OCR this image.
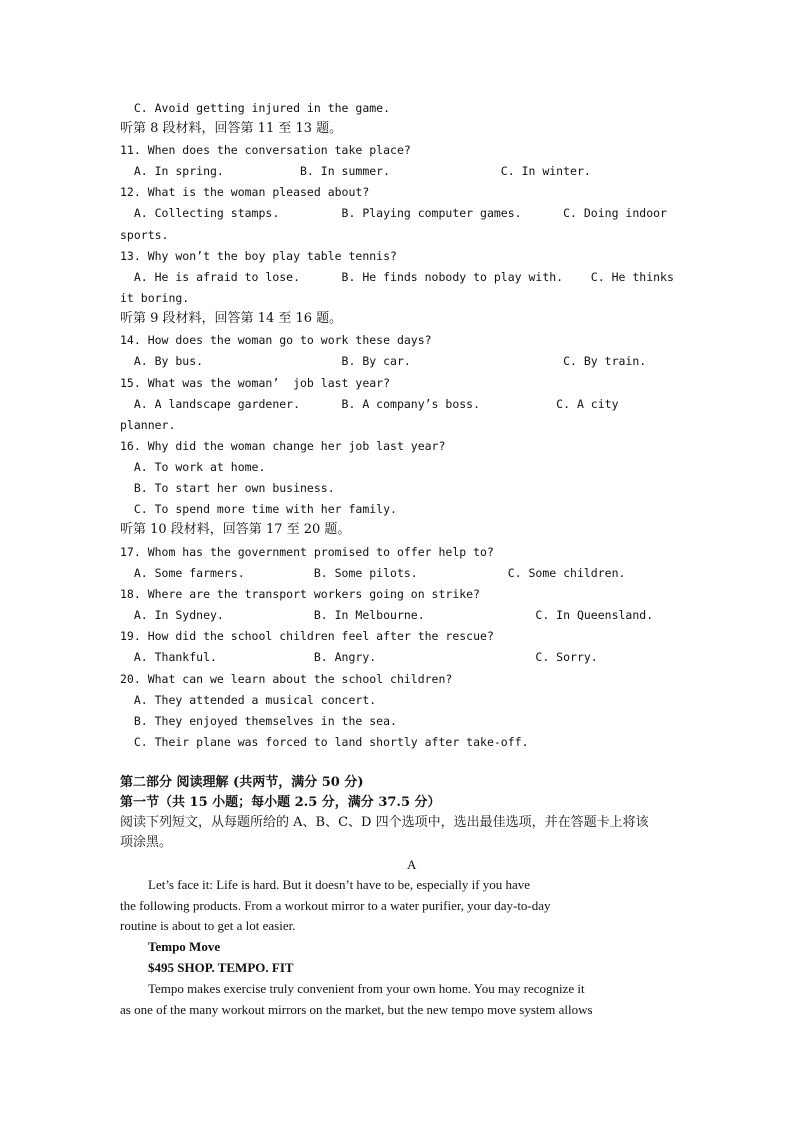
C. Avoid getting injured in the game.
听第 8 段材料，回答第 11 至 13 题。
11. When does the conversation take place?
A. In spring.           B. In summer.                C. In winter.
12. What is the woman pleased about?
A. Collecting stamps.         B. Playing computer games.      C. Doing indoor
sports.
13. Why won’t the boy play table tennis?
A. He is afraid to lose.      B. He finds nobody to play with.    C. He thinks
it boring.
听第 9 段材料，回答第 14 至 16 题。
14. How does the woman go to work these days?
A. By bus.                    B. By car.                      C. By train.
15. What was the woman’  job last year?
A. A landscape gardener.      B. A company’s boss.           C. A city
planner.
16. Why did the woman change her job last year?
A. To work at home.
B. To start her own business.
C. To spend more time with her family.
听第 10 段材料，回答第 17 至 20 题。
17. Whom has the government promised to offer help to?
A. Some farmers.          B. Some pilots.             C. Some children.
18. Where are the transport workers going on strike?
A. In Sydney.             B. In Melbourne.                C. In Queensland.
19. How did the school children feel after the rescue?
A. Thankful.              B. Angry.                       C. Sorry.
20. What can we learn about the school children?
A. They attended a musical concert.
B. They enjoyed themselves in the sea.
C. Their plane was forced to land shortly after take-off.
第二部分 阅读理解 (共两节，满分 50 分)
第一节（共 15 小题；每小题 2.5 分，满分 37.5 分）
阅读下列短文，从每题所给的 A、B、C、D 四个选项中，选出最佳选项，并在答题卡上将该
项涂黑。
A
Let’s face it: Life is hard. But it doesn’t have to be, especially if you have
the following products. From a workout mirror to a water purifier, your day-to-day
routine is about to get a lot easier.
Tempo Move
$495 SHOP. TEMPO. FIT
Tempo makes exercise truly convenient from your own home. You may recognize it
as one of the many workout mirrors on the market, but the new tempo move system allows
